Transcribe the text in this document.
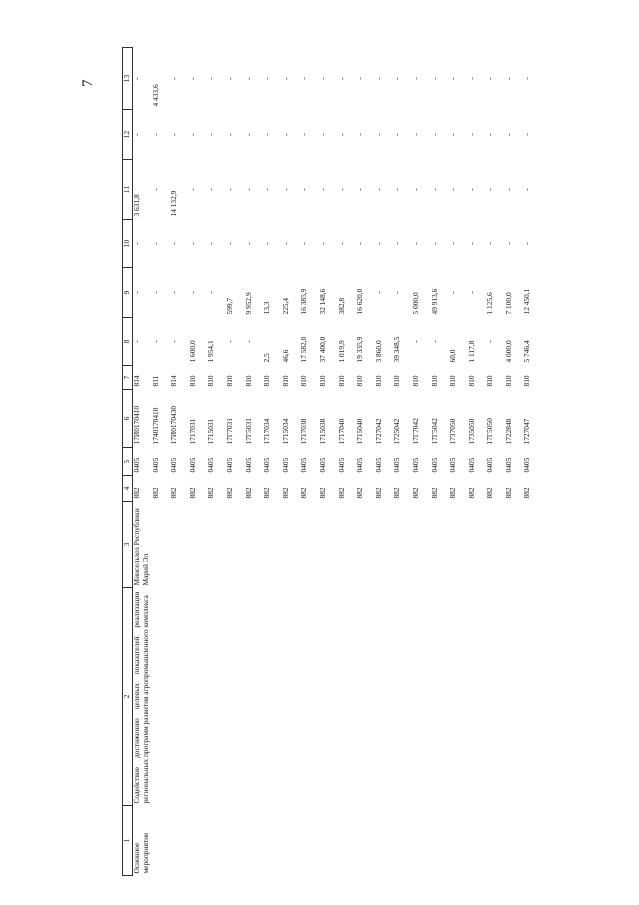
7
1	2	3	4	5	6	7	8	9	10	11	12	13
Основное мероприятие	Содействие достижению целевых показателей реализации региональных программ развития агропромышленного комплекса	Минсельхоз Республики Марий Эл	882	0405	17И0170410	814	-	-	-	3 631,8	-	-
			882	0405	1740170410	811	-	-	-	-	-	4 433,6
			882	0405	17И0170430	814	-	-	-	14 132,9	-	-
			882	0405	1717031	810	1 600,0	-	-	-	-	-
			882	0405	1715031	810	1 954,1	-	-	-	-	-
			882	0405	17Г7031	810	-	599,7	-	-	-	-
			882	0405	17Г5031	810	-	9 952,9	-	-	-	-
			882	0405	1717034	810	2,5	13,3	-	-	-	-
			882	0405	1715034	810	46,6	225,4	-	-	-	-
			882	0405	1717038	810	17 582,0	16 385,9	-	-	-	-
			882	0405	1715038	810	37 400,0	32 148,6	-	-	-	-
			882	0405	1717040	810	1 019,9	382,8	-	-	-	-
			882	0405	1715040	810	19 335,9	16 620,0	-	-	-	-
			882	0405	1727042	810	3 860,0	-	-	-	-	-
			882	0405	1725042	810	39 348,5	-	-	-	-	-
			882	0405	17Г7042	810	-	5 000,0	-	-	-	-
			882	0405	17Г5042	810	-	49 913,6	-	-	-	-
			882	0405	1737050	810	60,0	-	-	-	-	-
			882	0405	1735050	810	1 117,8	-	-	-	-	-
			882	0405	17Г5050	810	-	1 125,6	-	-	-	-
			882	0405	1722848	810	4 000,0	7 100,0	-	-	-	-
			882	0405	1727047	810	5 746,4	12 450,1	-	-	-	-
